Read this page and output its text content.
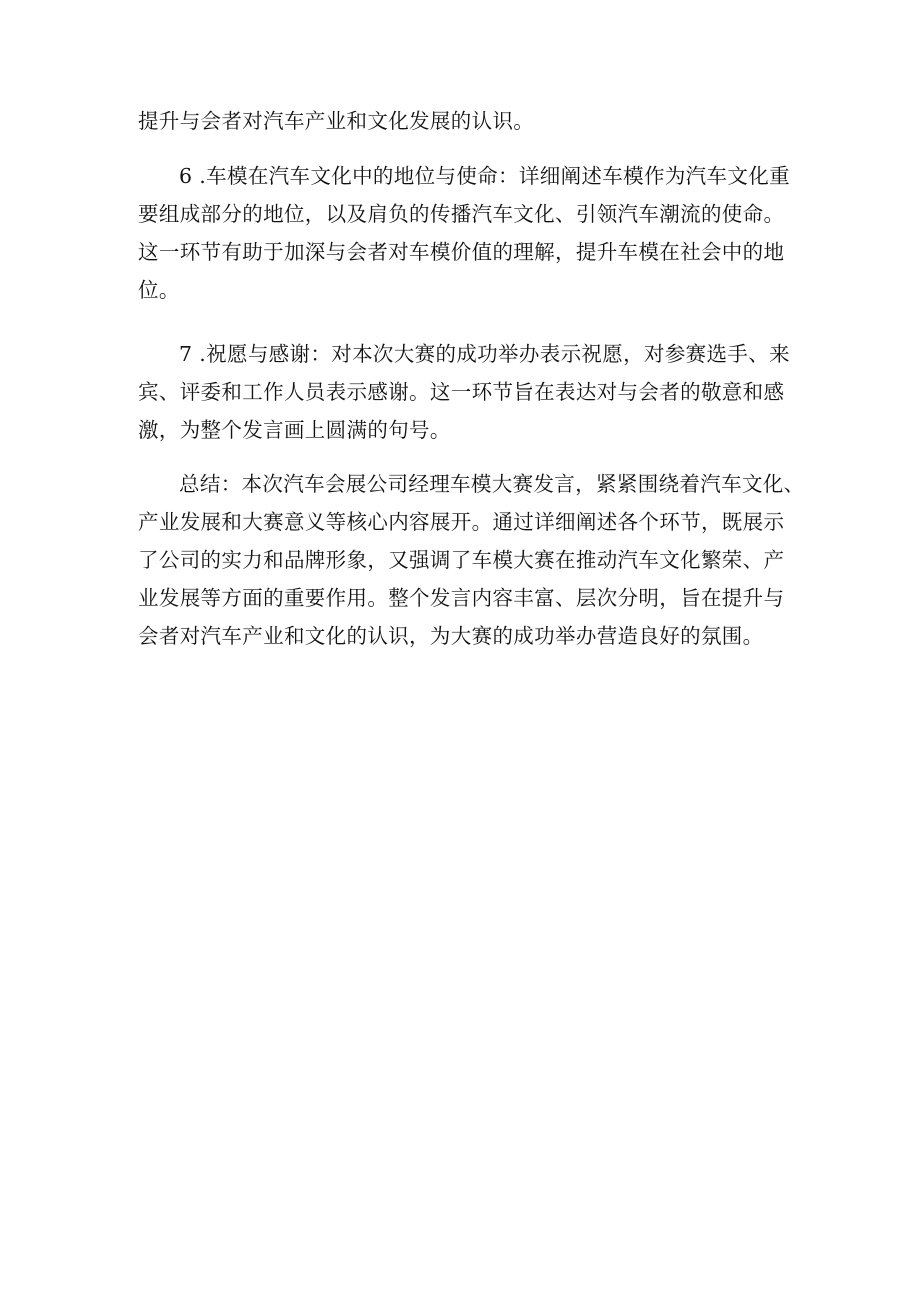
提升与会者对汽车产业和文化发展的认识。
6 .车模在汽车文化中的地位与使命：详细阐述车模作为汽车文化重
要组成部分的地位，以及肩负的传播汽车文化、引领汽车潮流的使命。
这一环节有助于加深与会者对车模价值的理解，提升车模在社会中的地
位。
7 .祝愿与感谢：对本次大赛的成功举办表示祝愿，对参赛选手、来
宾、评委和工作人员表示感谢。这一环节旨在表达对与会者的敬意和感
激，为整个发言画上圆满的句号。
总结：本次汽车会展公司经理车模大赛发言，紧紧围绕着汽车文化、
产业发展和大赛意义等核心内容展开。通过详细阐述各个环节，既展示
了公司的实力和品牌形象，又强调了车模大赛在推动汽车文化繁荣、产
业发展等方面的重要作用。整个发言内容丰富、层次分明，旨在提升与
会者对汽车产业和文化的认识，为大赛的成功举办营造良好的氛围。
